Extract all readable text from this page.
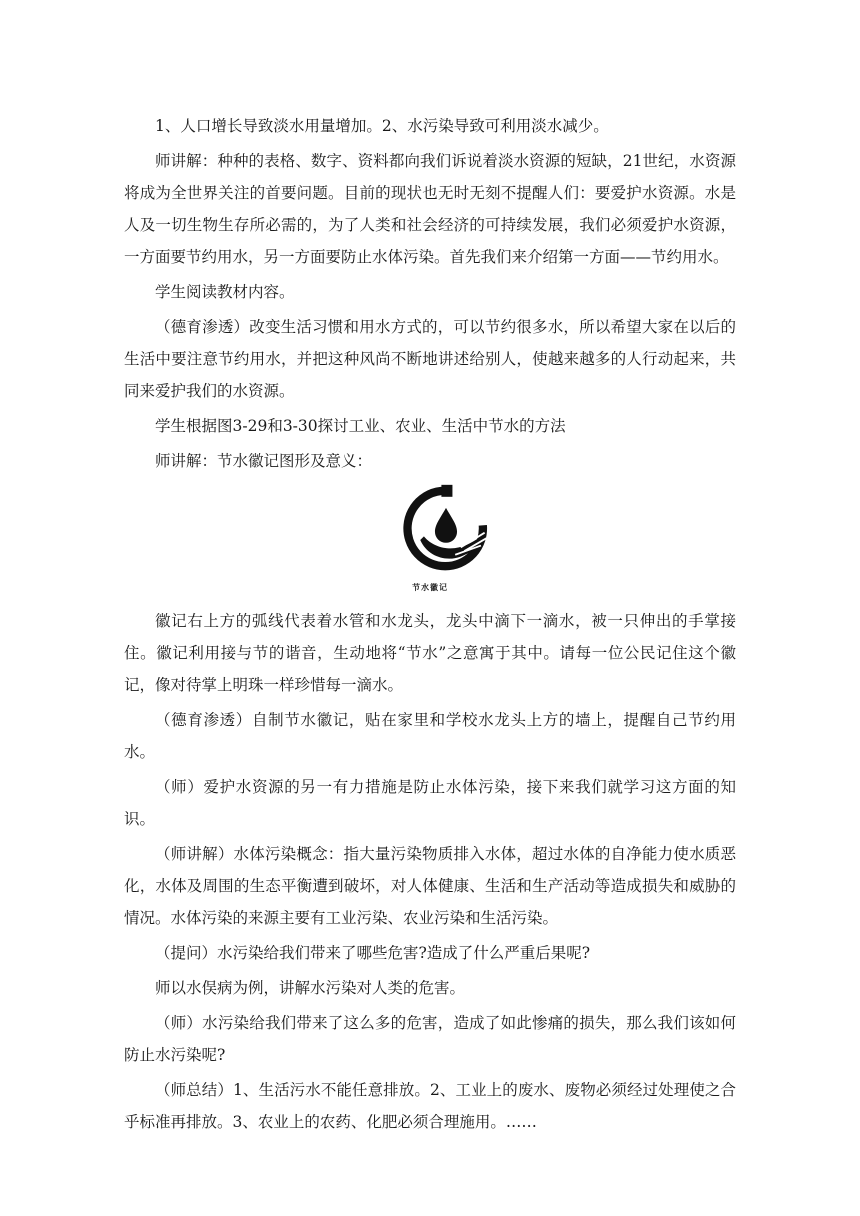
1、人口增长导致淡水用量增加。2、水污染导致可利用淡水减少。

师讲解：种种的表格、数字、资料都向我们诉说着淡水资源的短缺，21世纪，水资源将成为全世界关注的首要问题。目前的现状也无时无刻不提醒人们：要爱护水资源。水是人及一切生物生存所必需的，为了人类和社会经济的可持续发展，我们必须爱护水资源，一方面要节约用水，另一方面要防止水体污染。首先我们来介绍第一方面——节约用水。

学生阅读教材内容。

（德育渗透）改变生活习惯和用水方式的，可以节约很多水，所以希望大家在以后的生活中要注意节约用水，并把这种风尚不断地讲述给别人，使越来越多的人行动起来，共同来爱护我们的水资源。

学生根据图3-29和3-30探讨工业、农业、生活中节水的方法

师讲解：节水徽记图形及意义：

节水徽记

徽记右上方的弧线代表着水管和水龙头，龙头中滴下一滴水，被一只伸出的手掌接住。徽记利用接与节的谐音，生动地将“节水”之意寓于其中。请每一位公民记住这个徽记，像对待掌上明珠一样珍惜每一滴水。

（德育渗透）自制节水徽记，贴在家里和学校水龙头上方的墙上，提醒自己节约用水。

（师）爱护水资源的另一有力措施是防止水体污染，接下来我们就学习这方面的知识。

（师讲解）水体污染概念：指大量污染物质排入水体，超过水体的自净能力使水质恶化，水体及周围的生态平衡遭到破坏，对人体健康、生活和生产活动等造成损失和威胁的情况。水体污染的来源主要有工业污染、农业污染和生活污染。

（提问）水污染给我们带来了哪些危害?造成了什么严重后果呢?

师以水俣病为例，讲解水污染对人类的危害。

（师）水污染给我们带来了这么多的危害，造成了如此惨痛的损失，那么我们该如何防止水污染呢?

（师总结）1、生活污水不能任意排放。2、工业上的废水、废物必须经过处理使之合乎标准再排放。3、农业上的农药、化肥必须合理施用。……
